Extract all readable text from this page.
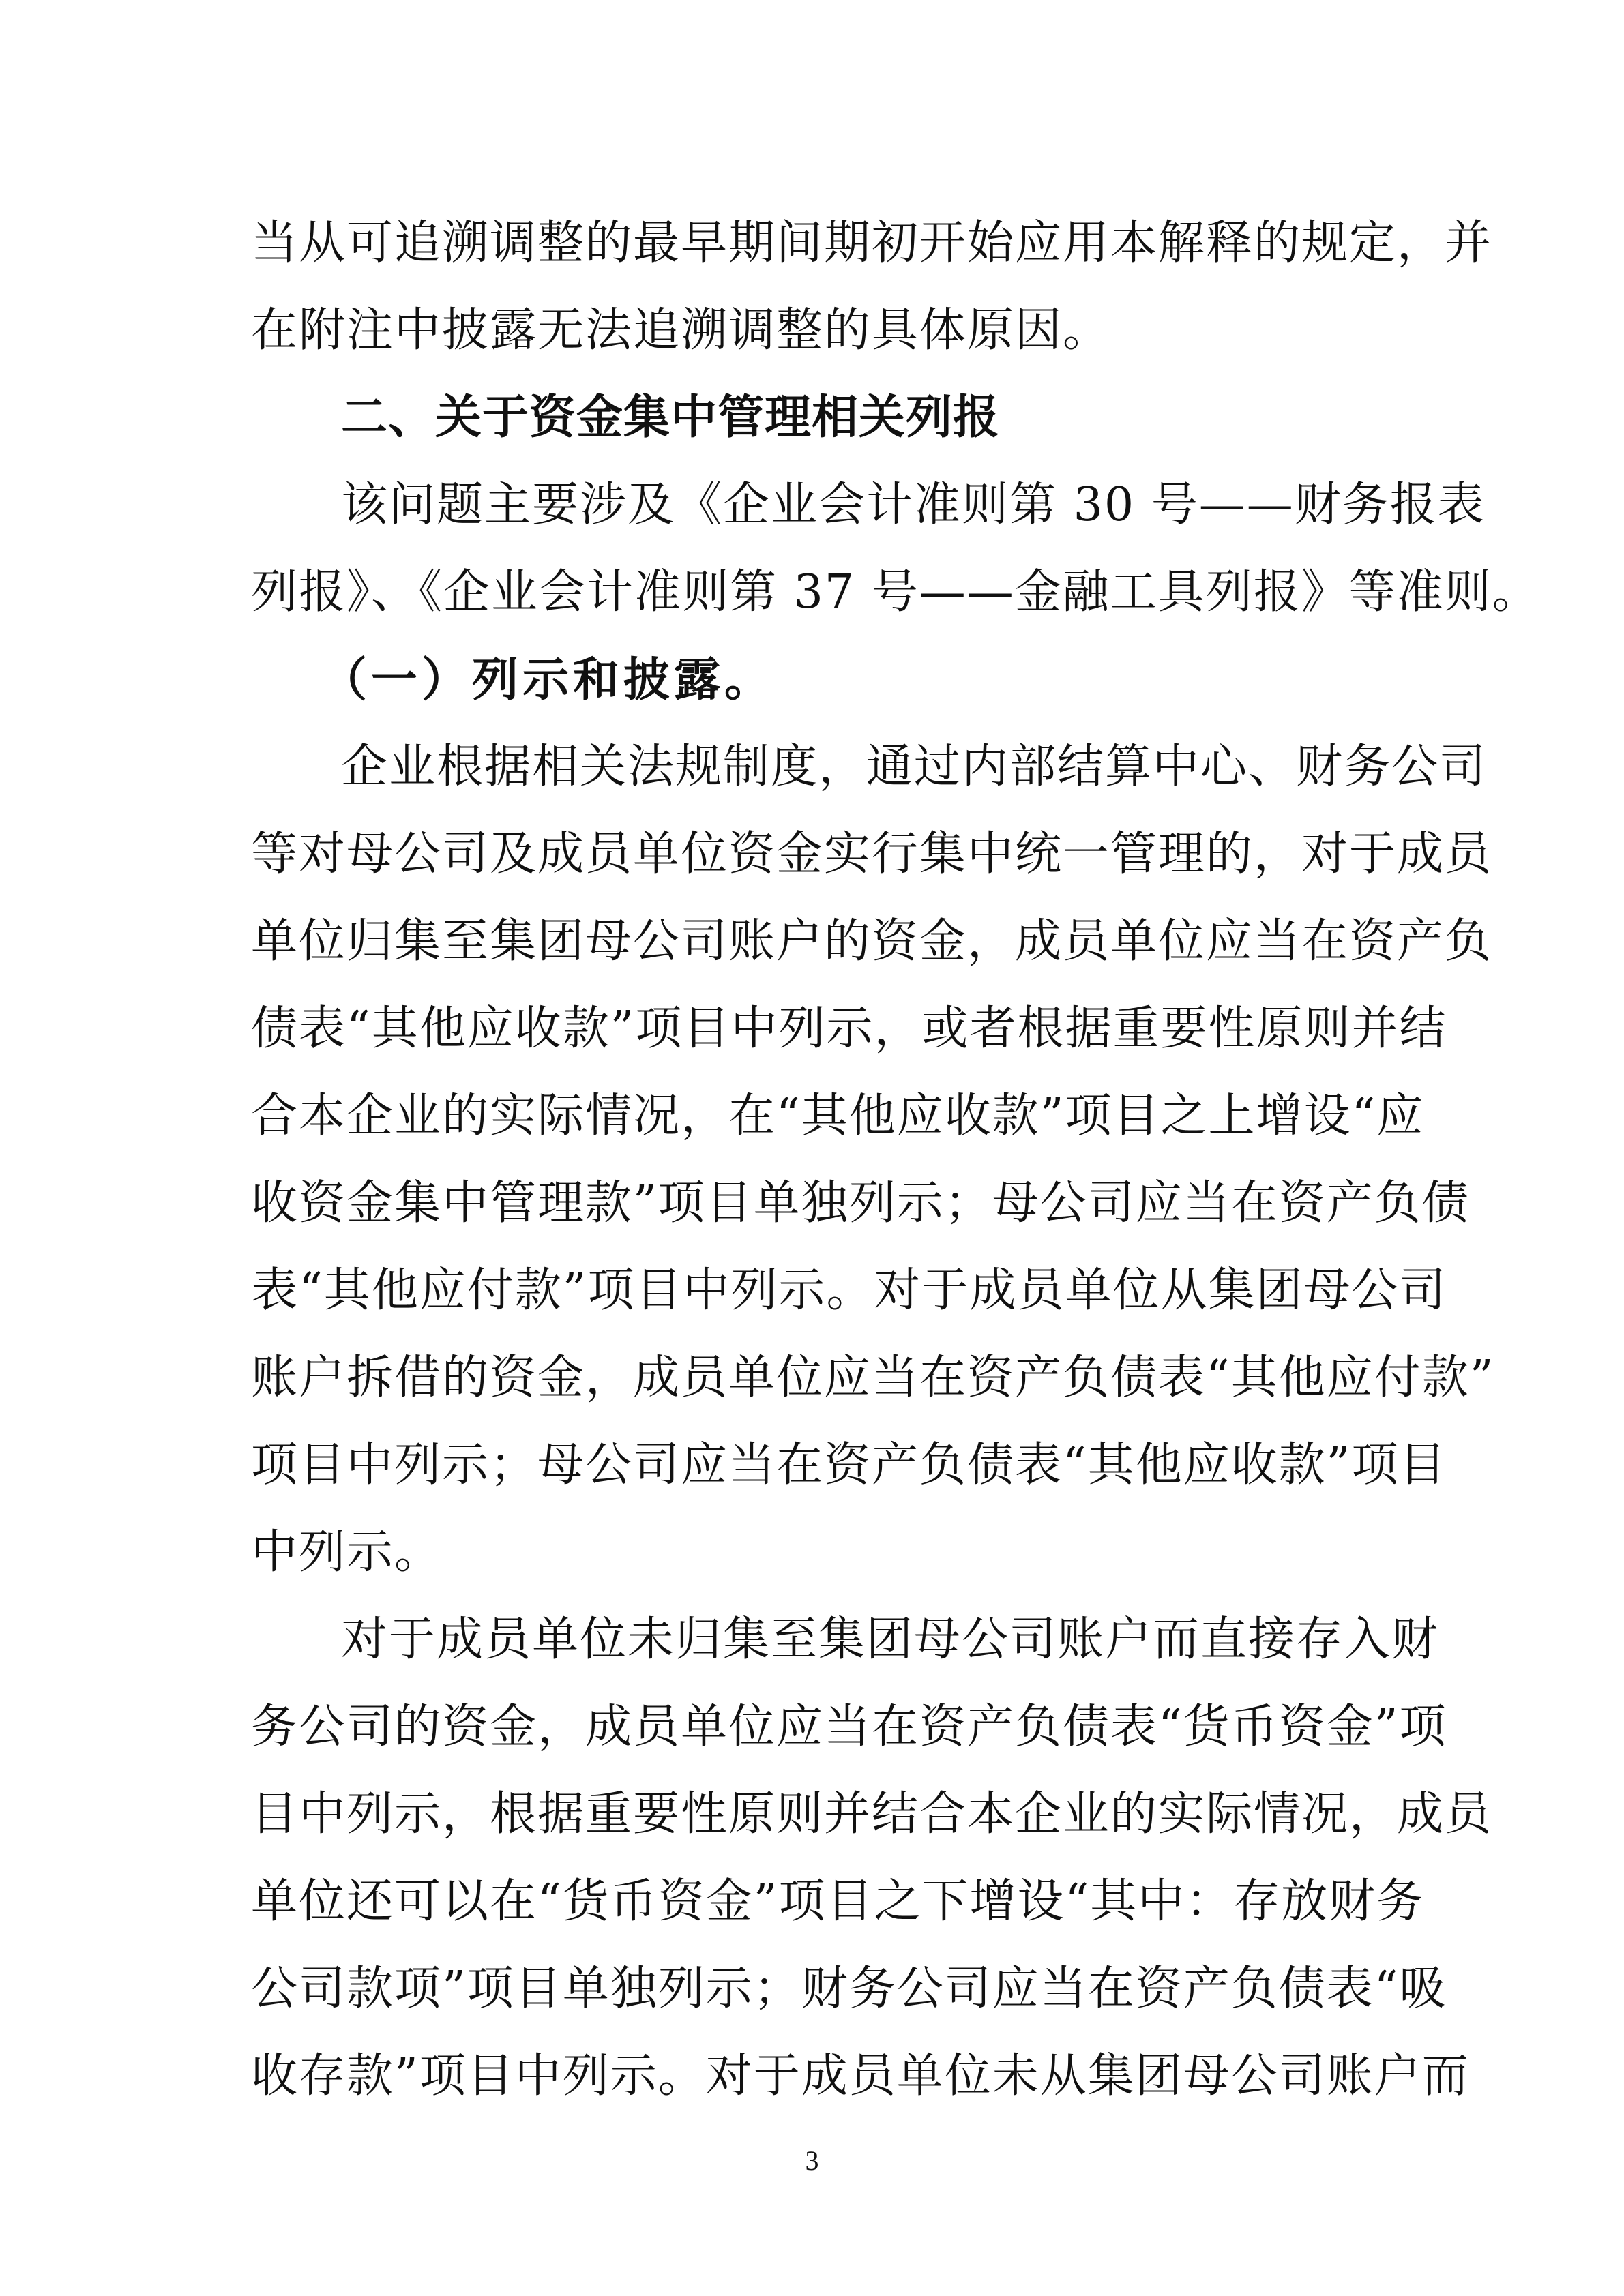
当从可追溯调整的最早期间期初开始应用本解释的规定，并
在附注中披露无法追溯调整的具体原因。
二、关于资金集中管理相关列报
该问题主要涉及《企业会计准则第 30 号——财务报表
列报》、《企业会计准则第 37 号——金融工具列报》等准则。
（一）列示和披露。
企业根据相关法规制度，通过内部结算中心、财务公司
等对母公司及成员单位资金实行集中统一管理的，对于成员
单位归集至集团母公司账户的资金，成员单位应当在资产负
债表“其他应收款”项目中列示，或者根据重要性原则并结
合本企业的实际情况，在“其他应收款”项目之上增设“应
收资金集中管理款”项目单独列示；母公司应当在资产负债
表“其他应付款”项目中列示。对于成员单位从集团母公司
账户拆借的资金，成员单位应当在资产负债表“其他应付款”
项目中列示；母公司应当在资产负债表“其他应收款”项目
中列示。
对于成员单位未归集至集团母公司账户而直接存入财
务公司的资金，成员单位应当在资产负债表“货币资金”项
目中列示，根据重要性原则并结合本企业的实际情况，成员
单位还可以在“货币资金”项目之下增设“其中：存放财务
公司款项”项目单独列示；财务公司应当在资产负债表“吸
收存款”项目中列示。对于成员单位未从集团母公司账户而
3
